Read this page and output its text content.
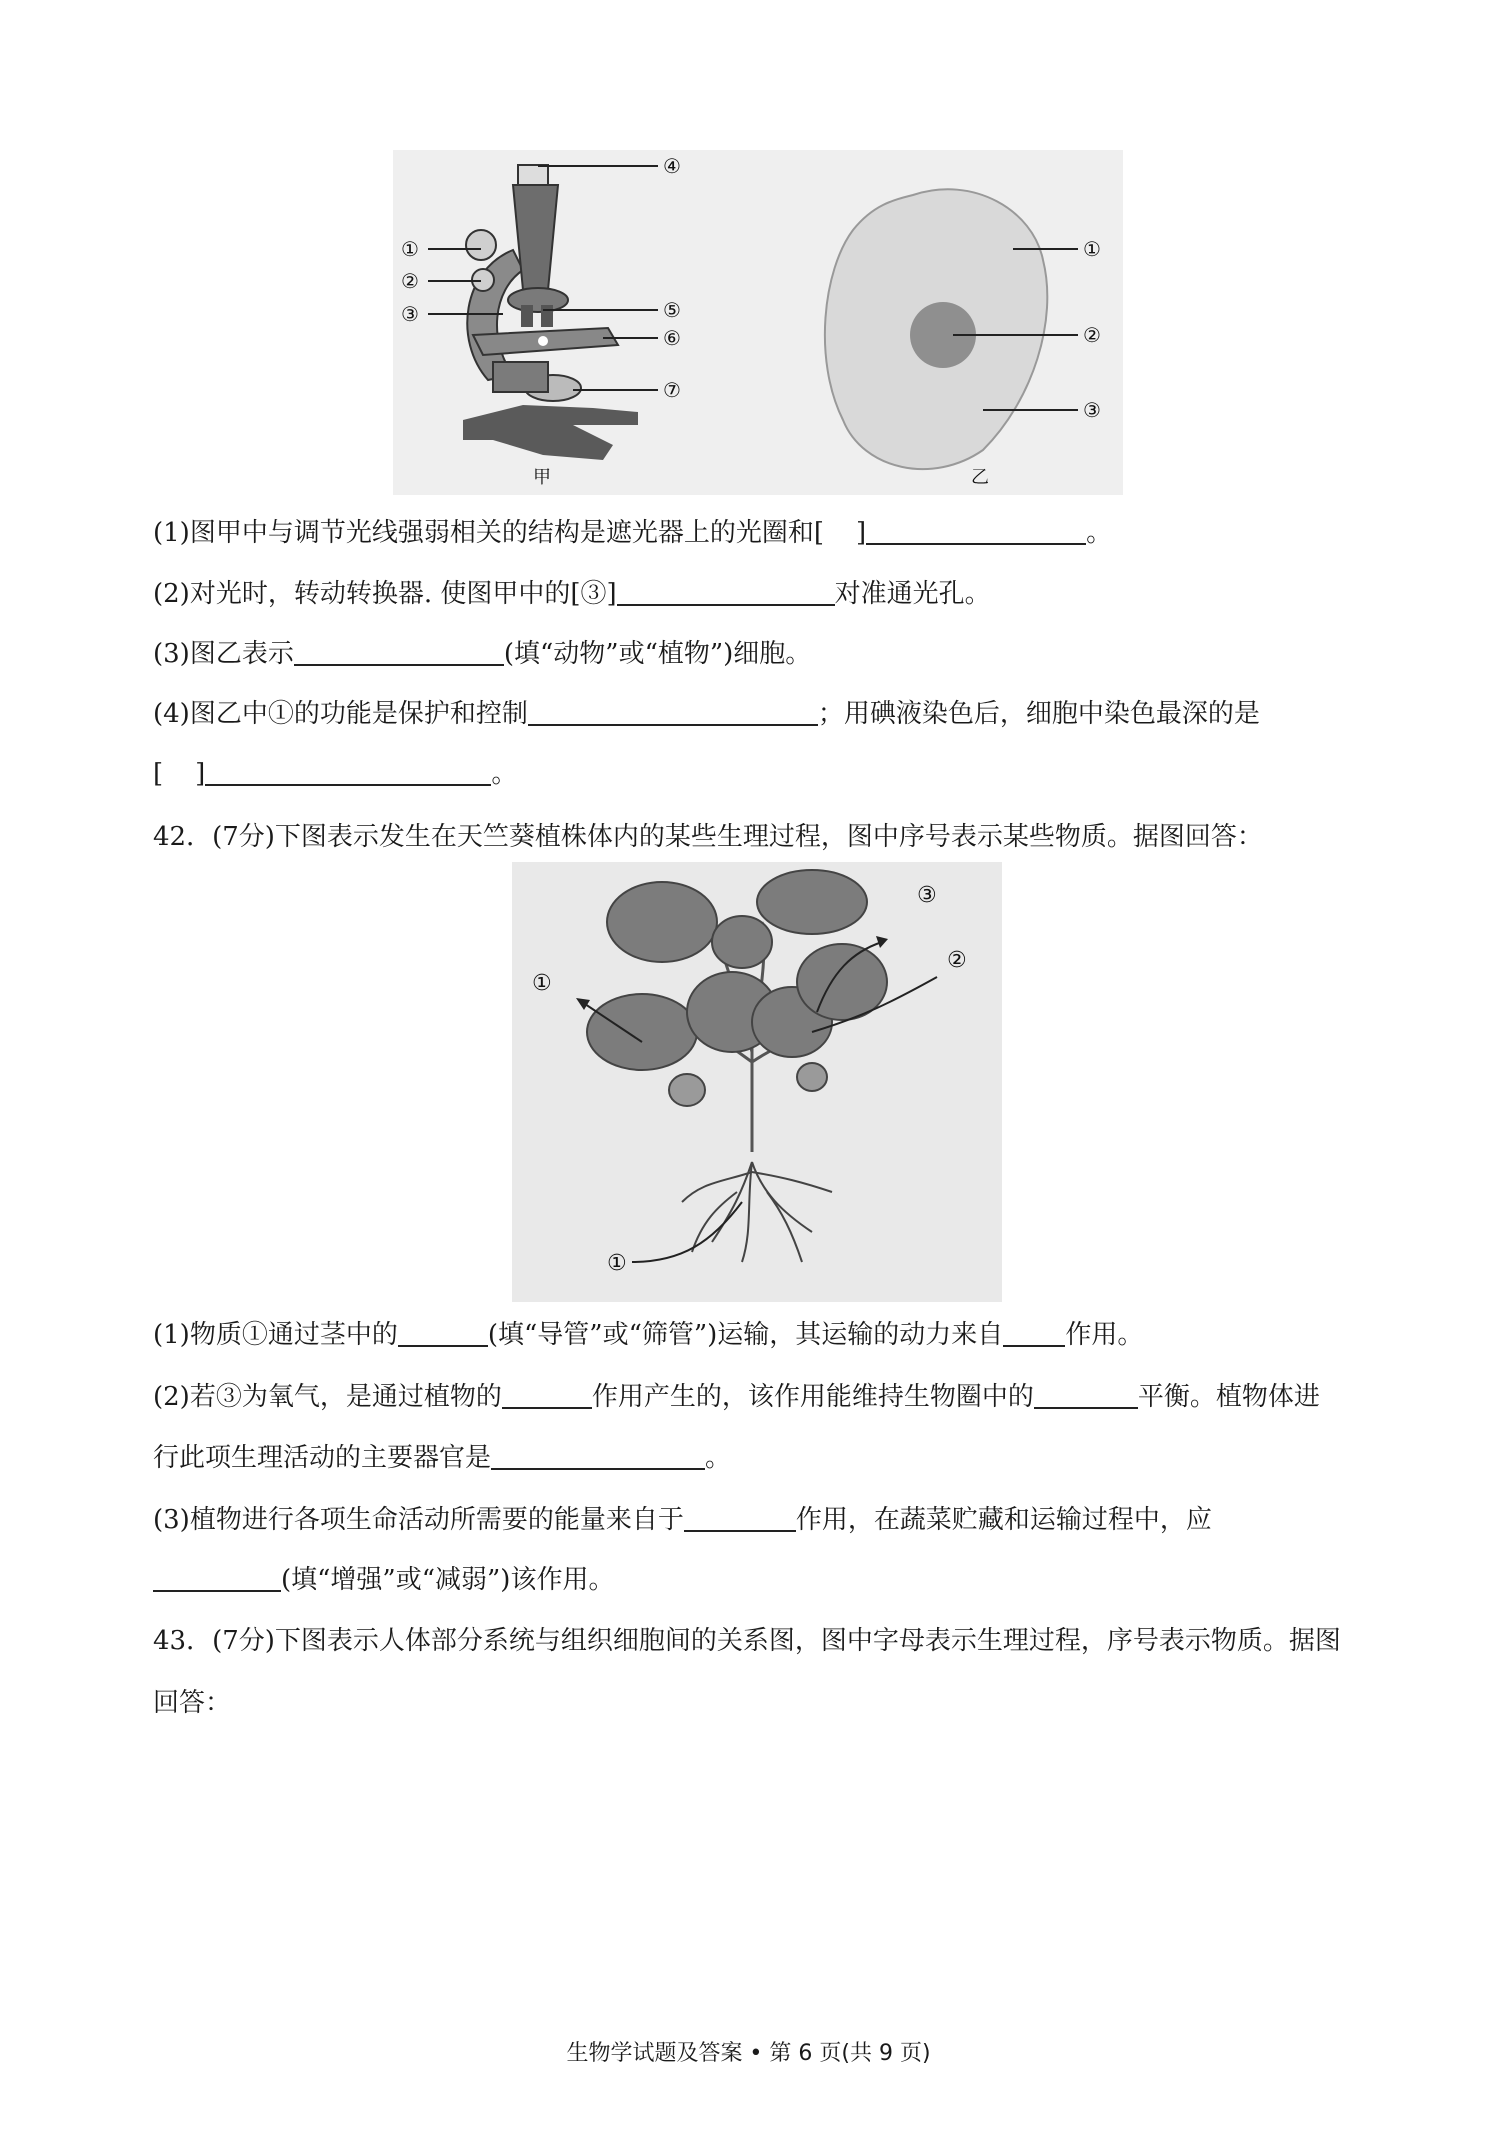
④
①
②
③	⑤
⑥
⑦
甲
①
②
③
乙
(1)图甲中与调节光线强弱相关的结构是遮光器上的光圈和[ ]	。
(2)对光时，转动转换器. 使图甲中的[③]	对准通光孔。
(3)图乙表示	(填“动物”或“植物”)细胞。
(4)图乙中①的功能是保护和控制	；用碘液染色后，细胞中染色最深的是
[ ]	。
42．(7分)下图表示发生在天竺葵植株体内的某些生理过程，图中序号表示某些物质。据图回答：
①
①
②
③
(1)物质①通过茎中的	(填“导管”或“筛管”)运输，其运输的动力来自 作用。
(2)若③为氧气，是通过植物的	作用产生的，该作用能维持生物圈中的	平衡。植物体进
行此项生理活动的主要器官是	。
(3)植物进行各项生命活动所需要的能量来自于	作用，在蔬菜贮藏和运输过程中，应
(填“增强”或“减弱”)该作用。
43．(7分)下图表示人体部分系统与组织细胞间的关系图，图中字母表示生理过程，序号表示物质。据图
回答：
生物学试题及答案 • 第 6 页(共 9 页)
